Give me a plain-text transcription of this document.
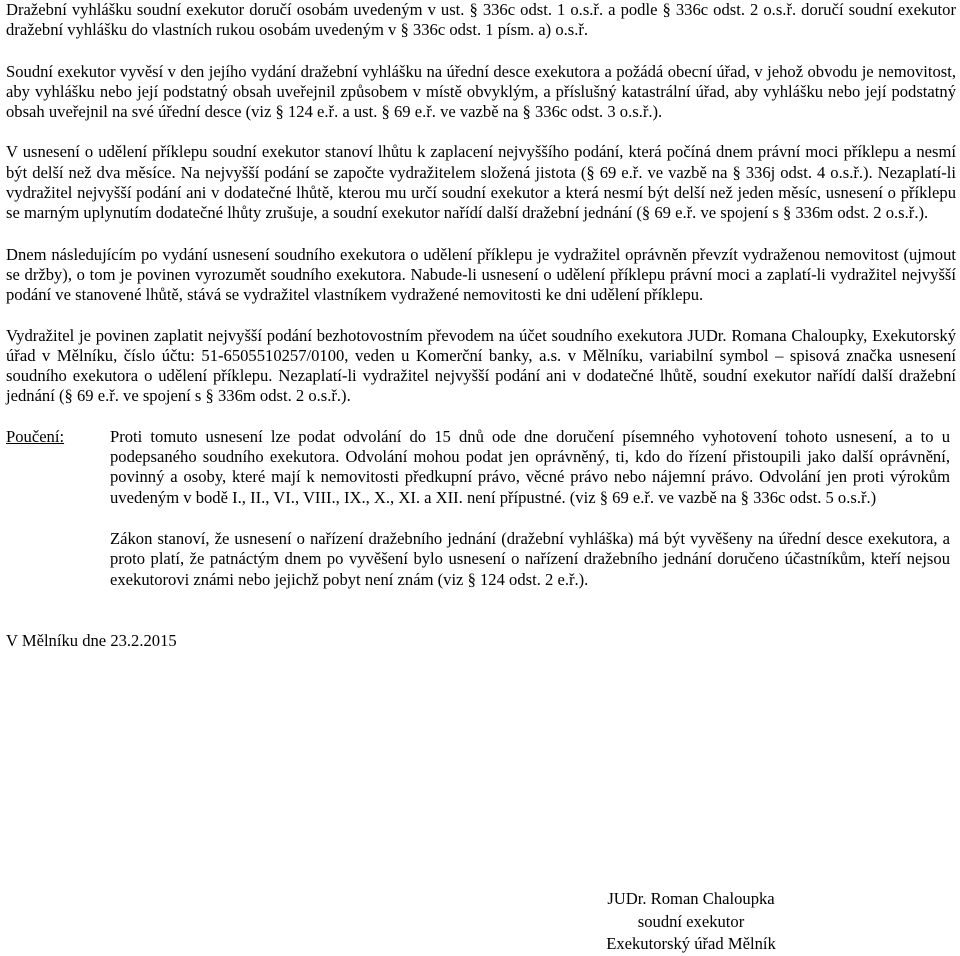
Dražební vyhlášku soudní exekutor doručí osobám uvedeným v ust. § 336c odst. 1 o.s.ř. a podle § 336c odst. 2 o.s.ř. doručí soudní exekutor dražební vyhlášku do vlastních rukou osobám uvedeným v § 336c odst. 1 písm. a) o.s.ř.

Soudní exekutor vyvěsí v den jejího vydání dražební vyhlášku na úřední desce exekutora a požádá obecní úřad, v jehož obvodu je nemovitost, aby vyhlášku nebo její podstatný obsah uveřejnil způsobem v místě obvyklým, a příslušný katastrální úřad, aby vyhlášku nebo její podstatný obsah uveřejnil na své úřední desce (viz § 124 e.ř. a ust. § 69 e.ř. ve vazbě na § 336c odst. 3 o.s.ř.).

V usnesení o udělení příklepu soudní exekutor stanoví lhůtu k zaplacení nejvyššího podání, která počíná dnem právní moci příklepu a nesmí být delší než dva měsíce. Na nejvyšší podání se započte vydražitelem složená jistota (§ 69 e.ř. ve vazbě na § 336j odst. 4 o.s.ř.). Nezaplatí-li vydražitel nejvyšší podání ani v dodatečné lhůtě, kterou mu určí soudní exekutor a která nesmí být delší než jeden měsíc, usnesení o příklepu se marným uplynutím dodatečné lhůty zrušuje, a soudní exekutor nařídí další dražební jednání (§ 69 e.ř. ve spojení s § 336m odst. 2 o.s.ř.).

Dnem následujícím po vydání usnesení soudního exekutora o udělení příklepu je vydražitel oprávněn převzít vydraženou nemovitost (ujmout se držby), o tom je povinen vyrozumět soudního exekutora. Nabude-li usnesení o udělení příklepu právní moci a zaplatí-li vydražitel nejvyšší podání ve stanovené lhůtě, stává se vydražitel vlastníkem vydražené nemovitosti ke dni udělení příklepu.

Vydražitel je povinen zaplatit nejvyšší podání bezhotovostním převodem na účet soudního exekutora JUDr. Romana Chaloupky, Exekutorský úřad v Mělníku, číslo účtu: 51-6505510257/0100, veden u Komerční banky, a.s. v Mělníku, variabilní symbol – spisová značka usnesení soudního exekutora o udělení příklepu. Nezaplatí-li vydražitel nejvyšší podání ani v dodatečné lhůtě, soudní exekutor nařídí další dražební jednání (§ 69 e.ř. ve spojení s § 336m odst. 2 o.s.ř.).

Poučení:	Proti tomuto usnesení lze podat odvolání do 15 dnů ode dne doručení písemného vyhotovení tohoto usnesení, a to u podepsaného soudního exekutora. Odvolání mohou podat jen oprávněný, ti, kdo do řízení přistoupili jako další oprávnění, povinný a osoby, které mají k nemovitosti předkupní právo, věcné právo nebo nájemní právo. Odvolání jen proti výrokům uvedeným v bodě I., II., VI., VIII., IX., X., XI. a XII. není přípustné. (viz § 69 e.ř. ve vazbě na § 336c odst. 5 o.s.ř.)

Zákon stanoví, že usnesení o nařízení dražebního jednání (dražební vyhláška) má být vyvěšeny na úřední desce exekutora, a proto platí, že patnáctým dnem po vyvěšení bylo usnesení o nařízení dražebního jednání doručeno účastníkům, kteří nejsou exekutorovi známi nebo jejichž pobyt není znám (viz § 124 odst. 2 e.ř.).

V Mělníku dne 23.2.2015

JUDr. Roman Chaloupka
soudní exekutor
Exekutorský úřad Mělník
